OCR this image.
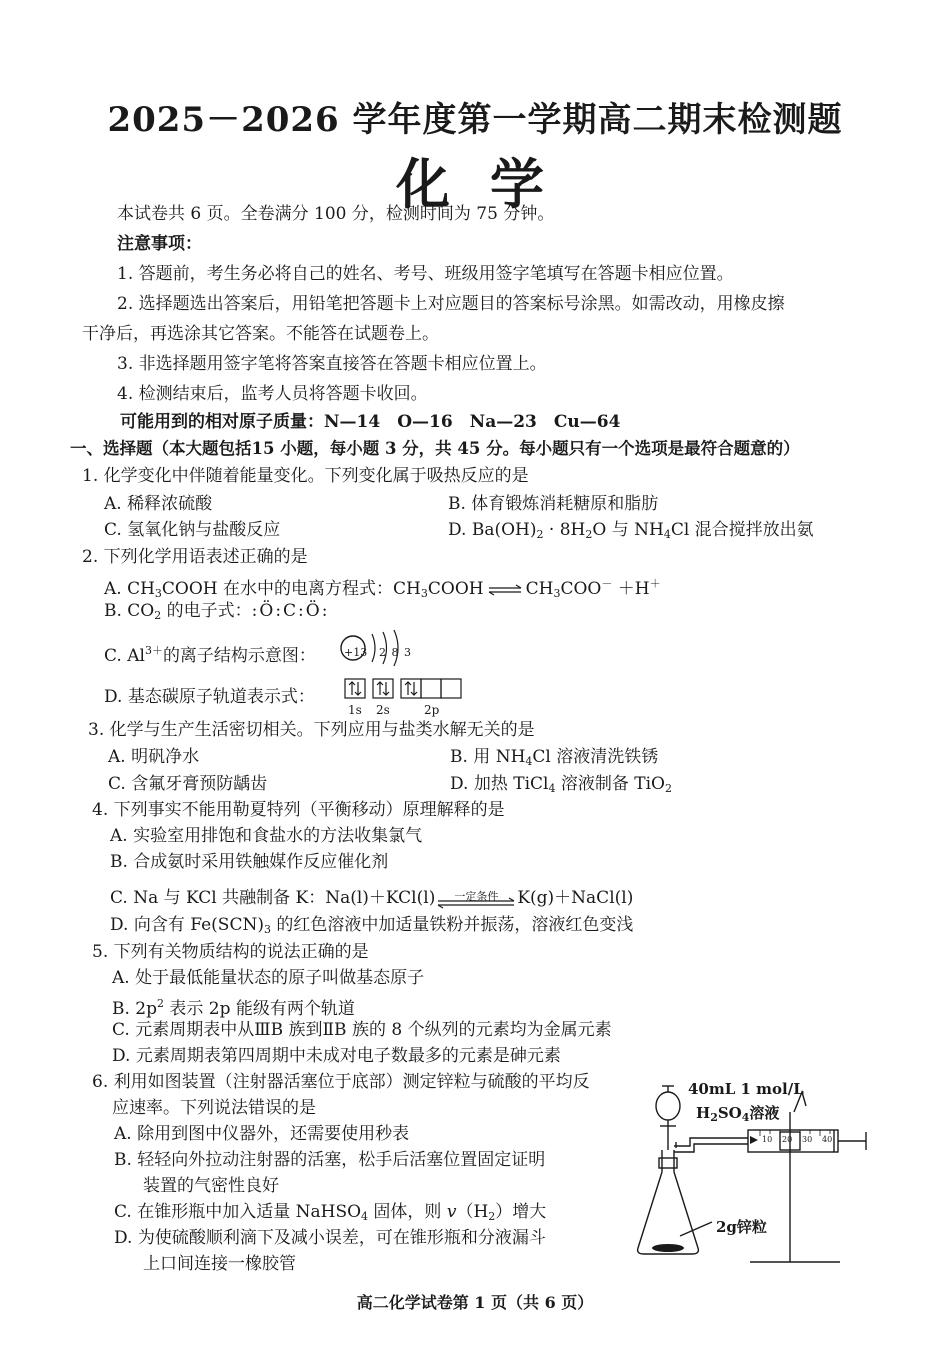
2025－2026 学年度第一学期高二期末检测题
化学
本试卷共 6 页。全卷满分 100 分，检测时间为 75 分钟。
注意事项：
1. 答题前，考生务必将自己的姓名、考号、班级用签字笔填写在答题卡相应位置。
2. 选择题选出答案后，用铅笔把答题卡上对应题目的答案标号涂黑。如需改动，用橡皮擦
干净后，再选涂其它答案。不能答在试题卷上。
3. 非选择题用签字笔将答案直接答在答题卡相应位置上。
4. 检测结束后，监考人员将答题卡收回。
可能用到的相对原子质量：N—14　O—16　Na—23　Cu—64
一、选择题（本大题包括15 小题，每小题 3 分，共 45 分。每小题只有一个选项是最符合题意的）
1. 化学变化中伴随着能量变化。下列变化属于吸热反应的是
A. 稀释浓硫酸	B. 体育锻炼消耗糖原和脂肪
C. 氢氧化钠与盐酸反应	D. $Ba(OH)_2 \cdot 8H_2O$ 与 $NH_4Cl$ 混合搅拌放出氨
2. 下列化学用语表述正确的是
A. $CH_3COOH$ 在水中的电离方程式：$CH_3COOH$ ⇌ $CH_3COO^- +H^+$
B. $CO_2$ 的电子式：:Ö:C:Ö:
C. $Al^{3+}$的离子结构示意图：	+13 2 8 3
D. 基态碳原子轨道表示式：
1s 2s	2p
3. 化学与生产生活密切相关。下列应用与盐类水解无关的是
A. 明矾净水	B. 用 $NH_4Cl$ 溶液清洗铁锈
C. 含氟牙膏预防龋齿	D. 加热 TiCl$_4$ 溶液制备 TiO$_2$
4. 下列事实不能用勒夏特列（平衡移动）原理解释的是
A. 实验室用排饱和食盐水的方法收集氯气
B. 合成氨时采用铁触媒作反应催化剂
C. Na 与 KCl 共融制备 K：Na(l)＋KCl(l)	一定条件	K(g)＋NaCl(l)
D. 向含有 $Fe(SCN)_3$ 的红色溶液中加适量铁粉并振荡，溶液红色变浅
5. 下列有关物质结构的说法正确的是
A. 处于最低能量状态的原子叫做基态原子
B. $2p^2$ 表示 2p 能级有两个轨道
C. 元素周期表中从ⅢB 族到ⅡB 族的 8 个纵列的元素均为金属元素
D. 元素周期表第四周期中未成对电子数最多的元素是砷元素
6. 利用如图装置（注射器活塞位于底部）测定锌粒与硫酸的平均反
应速率。下列说法错误的是
A. 除用到图中仪器外，还需要使用秒表
B. 轻轻向外拉动注射器的活塞，松手后活塞位置固定证明
装置的气密性良好
C. 在锥形瓶中加入适量 NaHSO$_4$ 固体，则 $v(H_2)$增大
D. 为使硫酸顺利滴下及减小误差，可在锥形瓶和分液漏斗
上口间连接一橡胶管
40mL 1 mol/L
$H_2SO_4$溶液
2g锌粒
10 20 30 40
高二化学试卷第 1 页（共 6 页）
